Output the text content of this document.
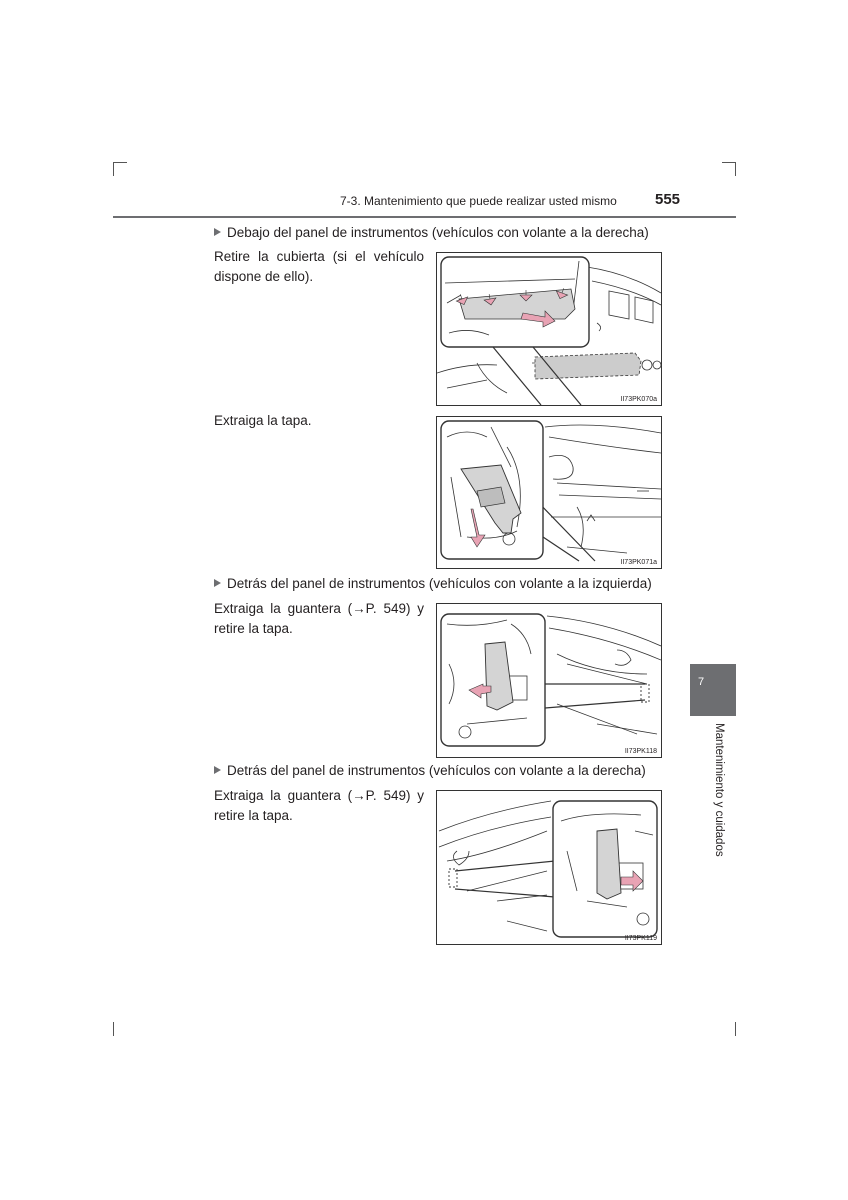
7-3. Mantenimiento que puede realizar usted mismo	555
Debajo del panel de instrumentos (vehículos con volante a la derecha)
Retire la cubierta (si el vehículo
dispone de ello).
II73PK070a
Extraiga la tapa.
II73PK071a
Detrás del panel de instrumentos (vehículos con volante a la izquierda)
Extraiga la guantera (→P. 549) y
retire la tapa.
II73PK118
Detrás del panel de instrumentos (vehículos con volante a la derecha)
Extraiga la guantera (→P. 549) y
retire la tapa.
II73PK119
7
Mantenimiento y cuidados
